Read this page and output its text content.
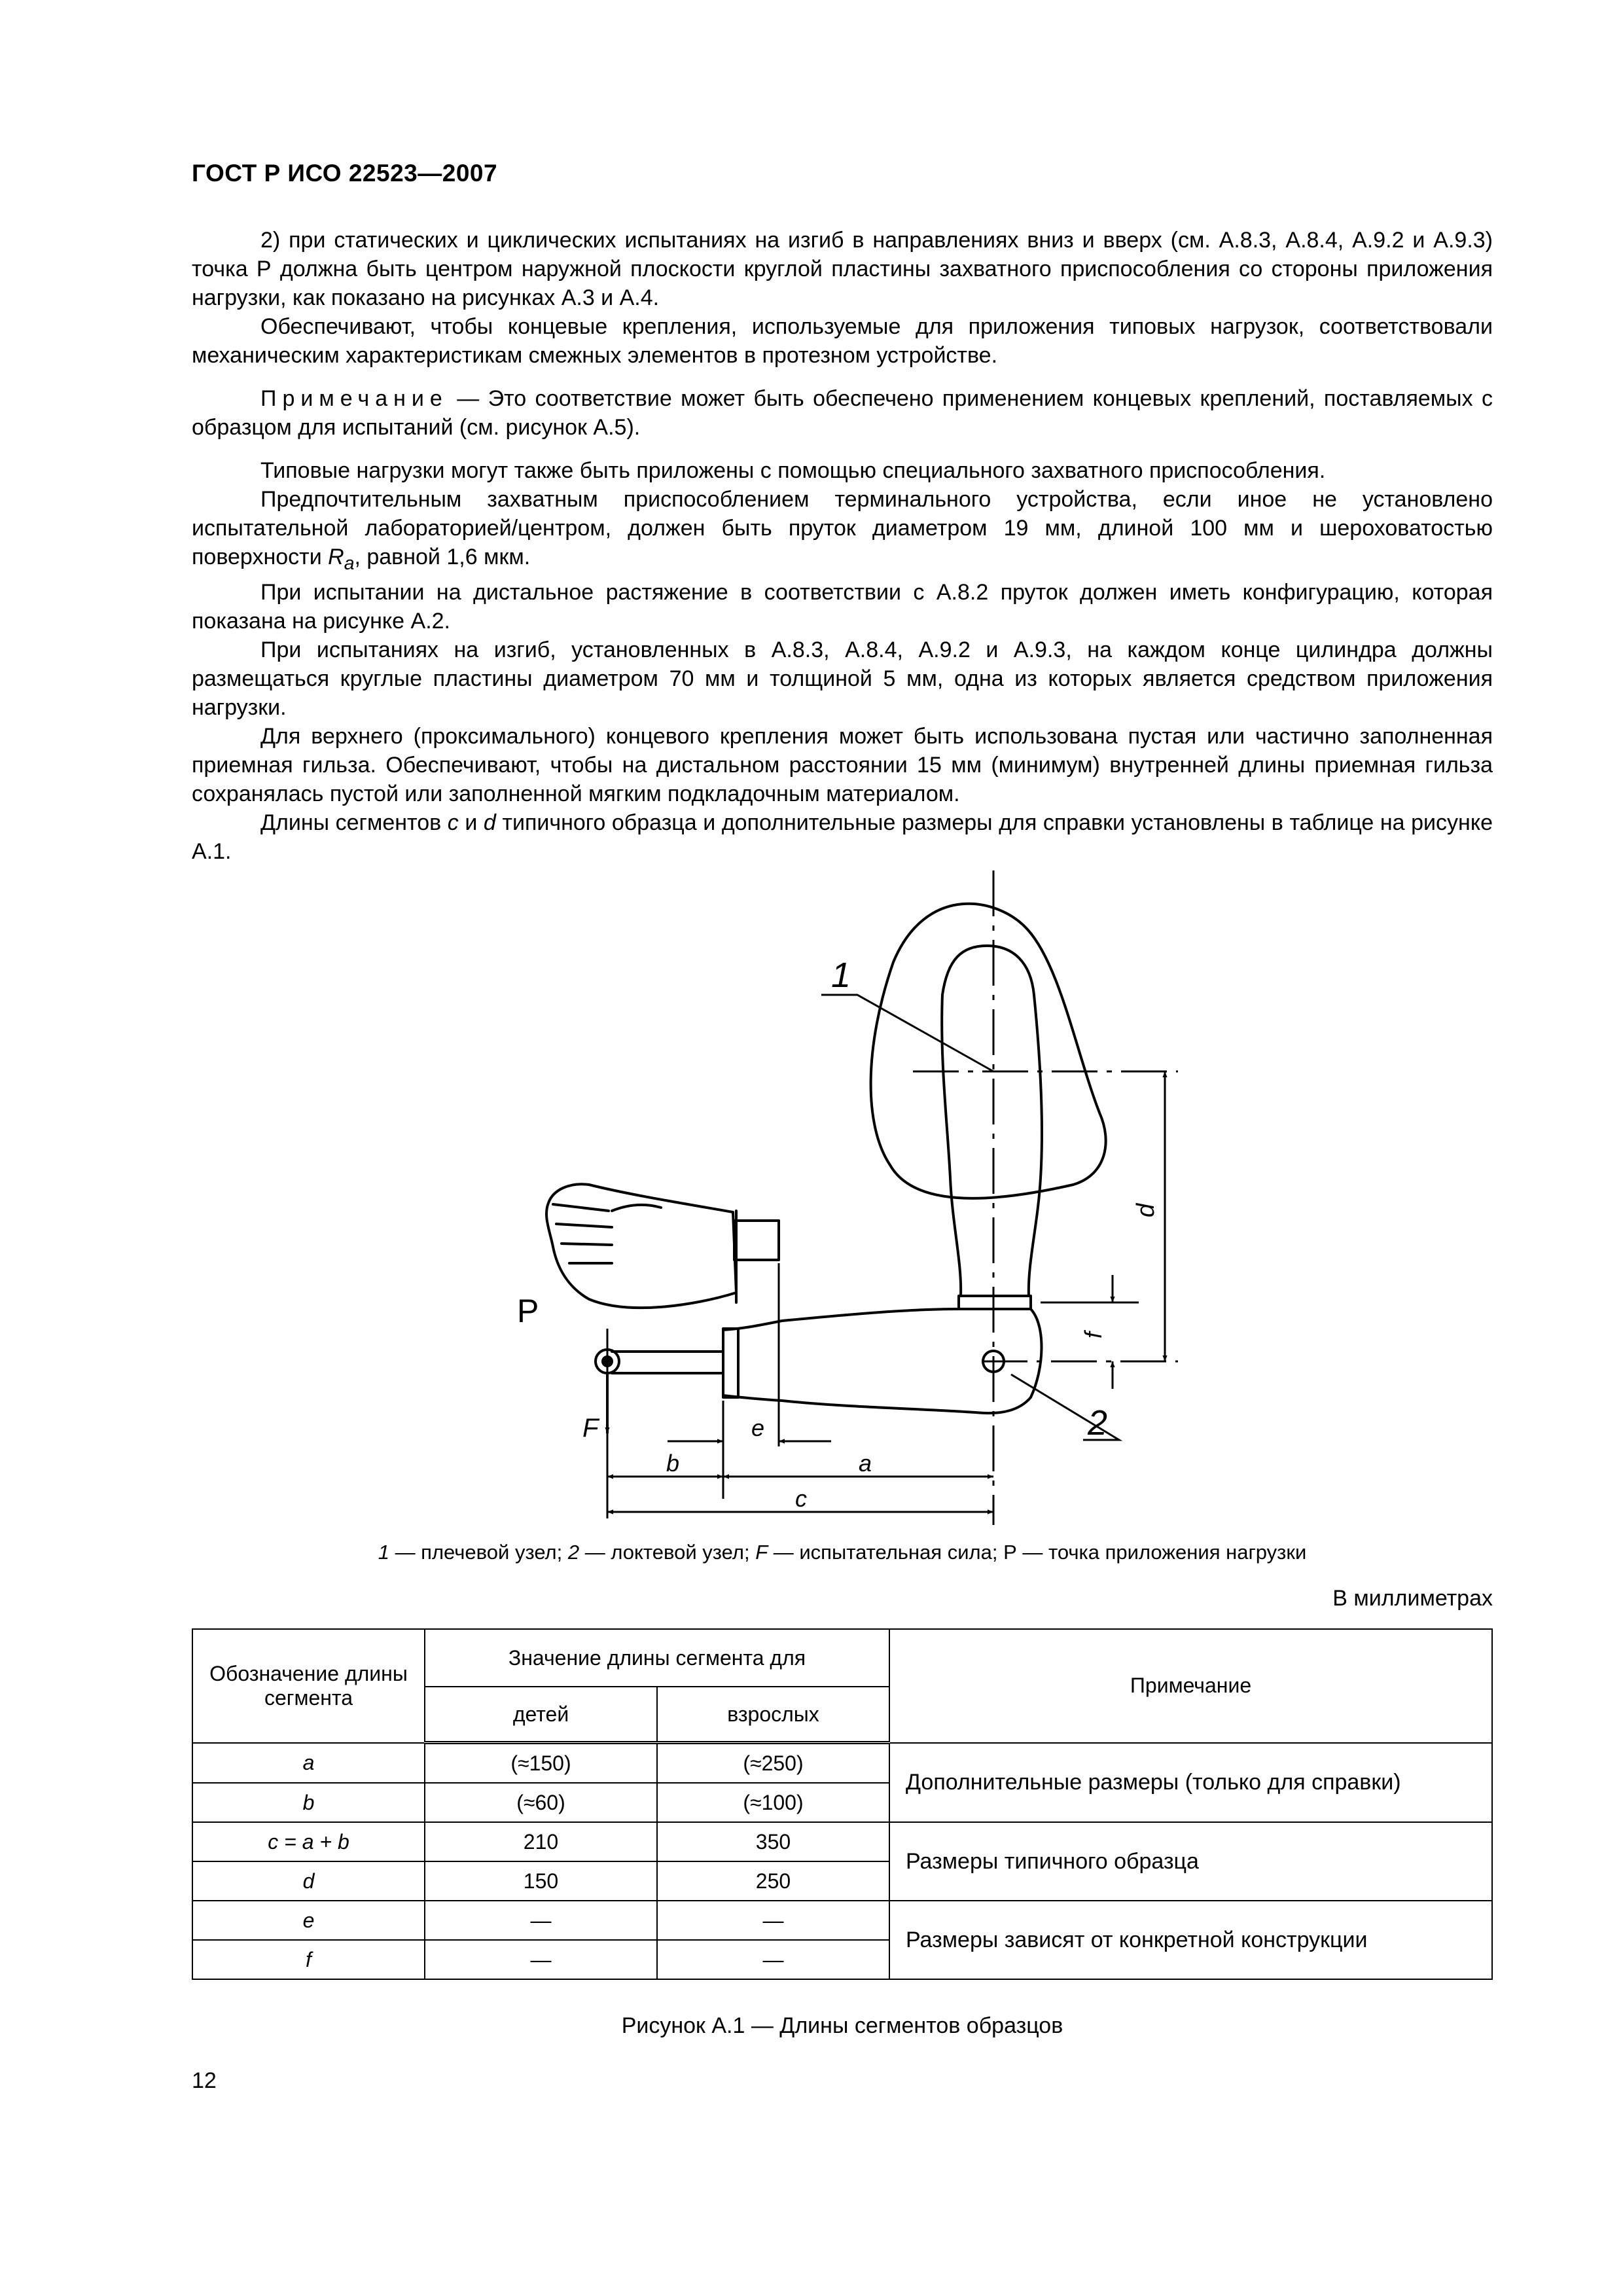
ГОСТ Р ИСО 22523—2007

2) при статических и циклических испытаниях на изгиб в направлениях вниз и вверх (см. А.8.3, А.8.4, А.9.2 и А.9.3) точка Р должна быть центром наружной плоскости круглой пластины захватного приспособления со стороны приложения нагрузки, как показано на рисунках А.3 и А.4.

Обеспечивают, чтобы концевые крепления, используемые для приложения типовых нагрузок, соответствовали механическим характеристикам смежных элементов в протезном устройстве.

Примечание — Это соответствие может быть обеспечено применением концевых креплений, поставляемых с образцом для испытаний (см. рисунок А.5).

Типовые нагрузки могут также быть приложены с помощью специального захватного приспособления.

Предпочтительным захватным приспособлением терминального устройства, если иное не установлено испытательной лабораторией/центром, должен быть пруток диаметром 19 мм, длиной 100 мм и шероховатостью поверхности $R_a$, равной 1,6 мкм.

При испытании на дистальное растяжение в соответствии с А.8.2 пруток должен иметь конфигурацию, которая показана на рисунке А.2.

При испытаниях на изгиб, установленных в А.8.3, А.8.4, А.9.2 и А.9.3, на каждом конце цилиндра должны размещаться круглые пластины диаметром 70 мм и толщиной 5 мм, одна из которых является средством приложения нагрузки.

Для верхнего (проксимального) концевого крепления может быть использована пустая или частично заполненная приемная гильза. Обеспечивают, чтобы на дистальном расстоянии 15 мм (минимум) внутренней длины приемная гильза сохранялась пустой или заполненной мягким подкладочным материалом.

Длины сегментов c и d типичного образца и дополнительные размеры для справки установлены в таблице на рисунке А.1.

1
2
P
F
a
b
c
e
d
f
1 — плечевой узел; 2 — локтевой узел; F — испытательная сила; Р — точка приложения нагрузки
В миллиметрах
Обозначение длины сегмента	Значение длины сегмента для		Примечание
	детей	взрослых	
a	(≈150)	(≈250)	Дополнительные размеры (только для справки)
b	(≈60)	(≈100)	
c = a + b	210	350	Размеры типичного образца
d	150	250	
e	—	—	Размеры зависят от конкретной конструкции
f	—	—	
Рисунок А.1 — Длины сегментов образцов
12
